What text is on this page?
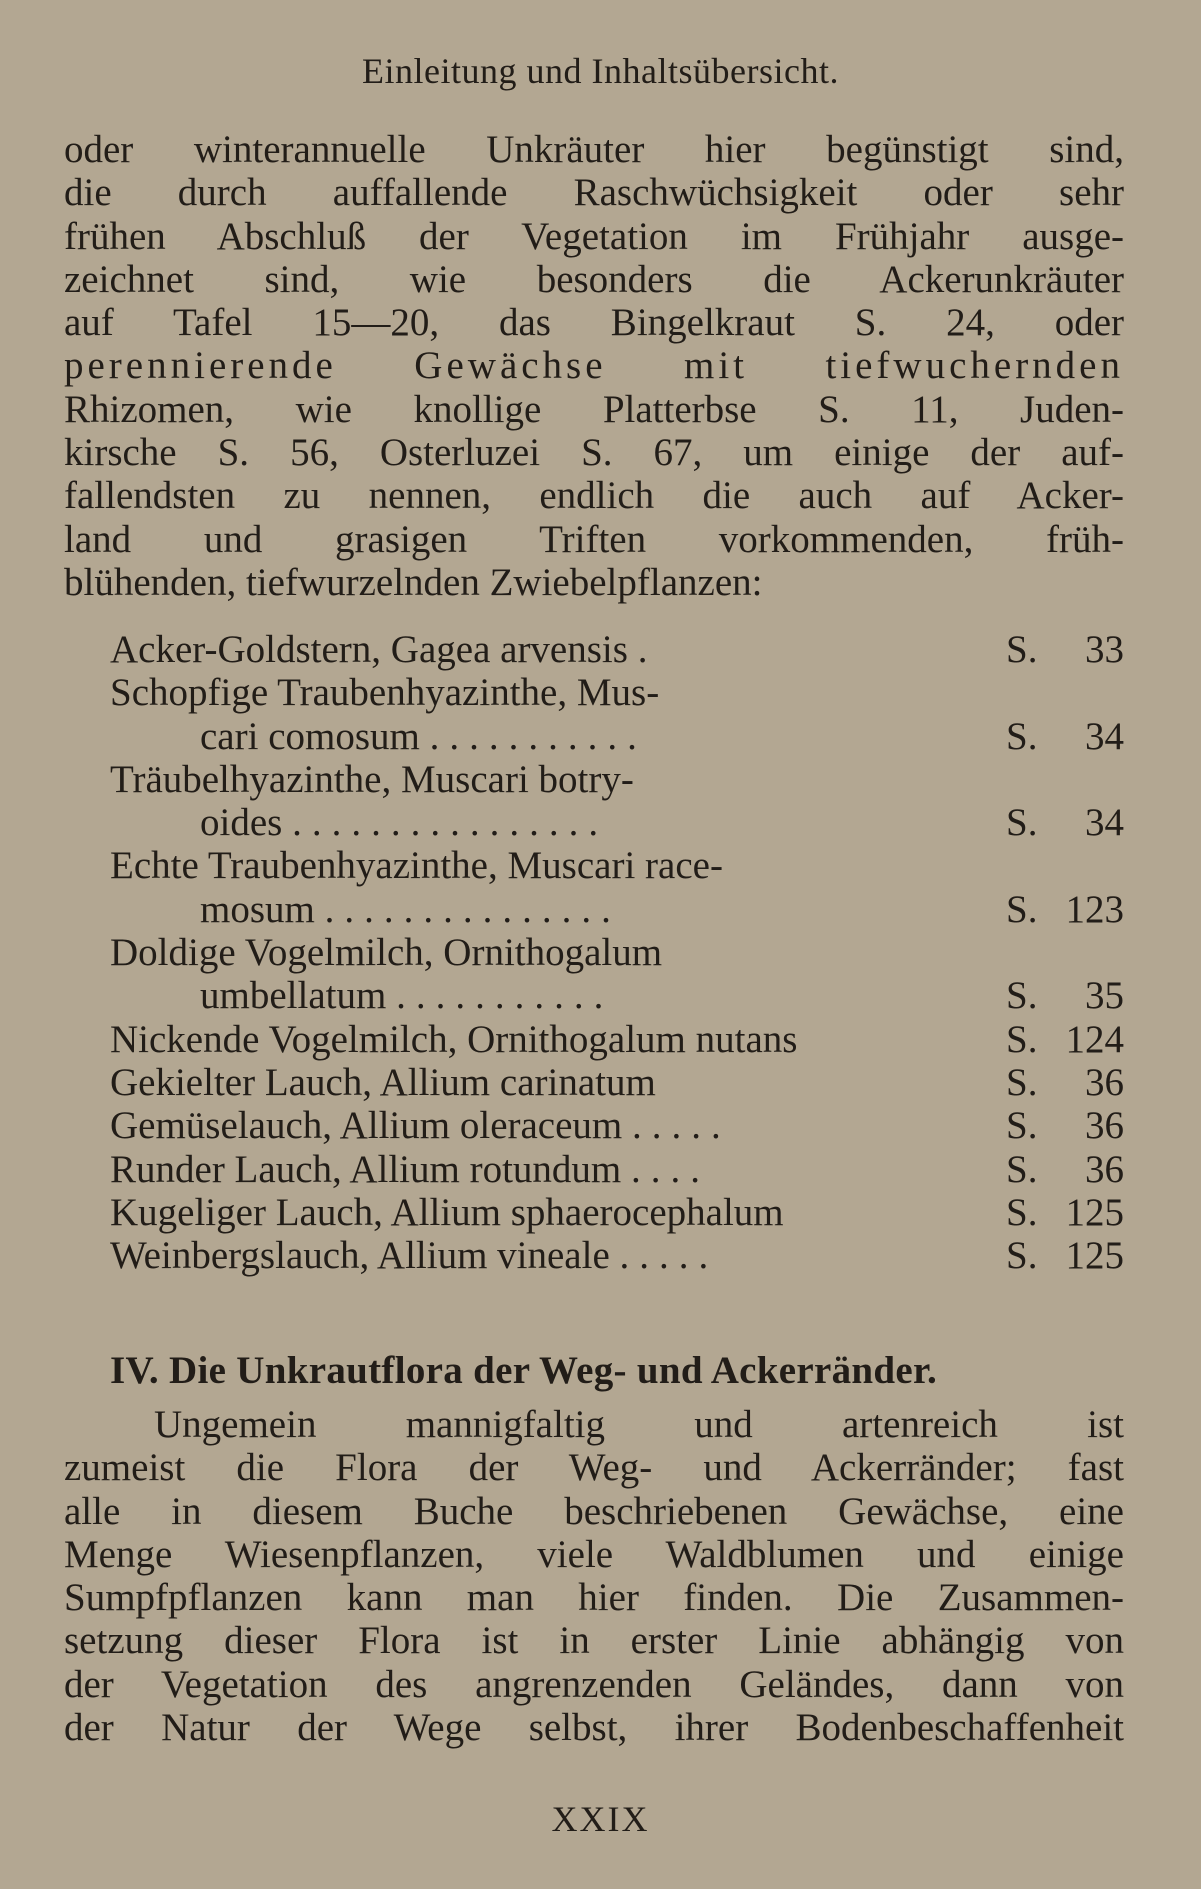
Einleitung und Inhaltsübersicht.
oder winterannuelle Unkräuter hier begünstigt sind,
die durch auffallende Raschwüchsigkeit oder sehr
frühen Abschluß der Vegetation im Frühjahr ausge-
zeichnet sind, wie besonders die Ackerunkräuter
auf Tafel 15—20, das Bingelkraut S. 24, oder
perennierende Gewächse mit tiefwuchernden
Rhizomen, wie knollige Platterbse S. 11, Juden-
kirsche S. 56, Osterluzei S. 67, um einige der auf-
fallendsten zu nennen, endlich die auch auf Acker-
land und grasigen Triften vorkommenden, früh-
blühenden, tiefwurzelnden Zwiebelpflanzen:
Acker-Goldstern, Gagea arvensis .	S. 33
Schopfige Traubenhyazinthe, Mus-
cari comosum ...........	S. 34
Träubelhyazinthe, Muscari botry-
oides ................	S. 34
Echte Traubenhyazinthe, Muscari race-
mosum ...............	S. 123
Doldige Vogelmilch, Ornithogalum
umbellatum ...........	S. 35
Nickende Vogelmilch, Ornithogalum nutans	S. 124
Gekielter Lauch, Allium carinatum	S. 36
Gemüselauch, Allium oleraceum .....	S. 36
Runder Lauch, Allium rotundum ....	S. 36
Kugeliger Lauch, Allium sphaerocephalum	S. 125
Weinbergslauch, Allium vineale .....	S. 125
IV. Die Unkrautflora der Weg- und Ackerränder.
Ungemein mannigfaltig und artenreich ist
zumeist die Flora der Weg- und Ackerränder; fast
alle in diesem Buche beschriebenen Gewächse, eine
Menge Wiesenpflanzen, viele Waldblumen und einige
Sumpfpflanzen kann man hier finden. Die Zusammen-
setzung dieser Flora ist in erster Linie abhängig von
der Vegetation des angrenzenden Geländes, dann von
der Natur der Wege selbst, ihrer Bodenbeschaffenheit
XXIX
